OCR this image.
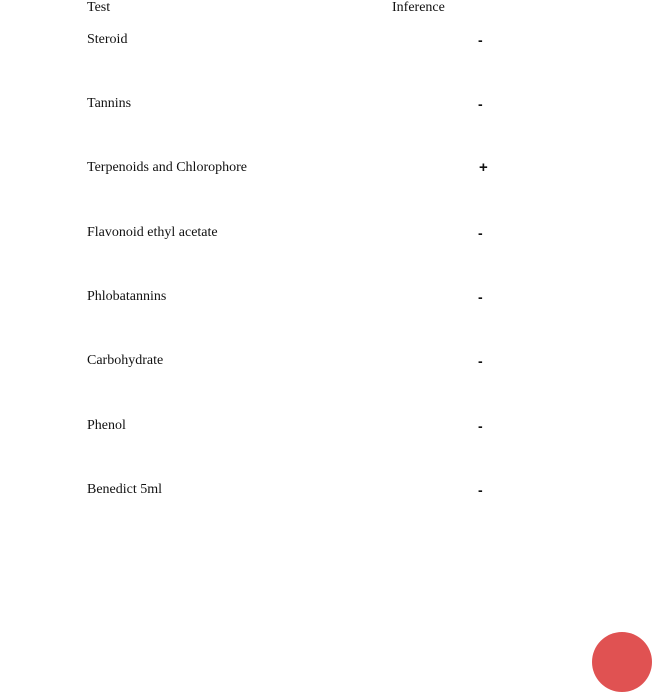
Test	Inference
Steroid	-
Tannins	-
Terpenoids and Chlorophore	+
Flavonoid ethyl acetate	-
Phlobatannins	-
Carbohydrate	-
Phenol	-
Benedict 5ml	-
